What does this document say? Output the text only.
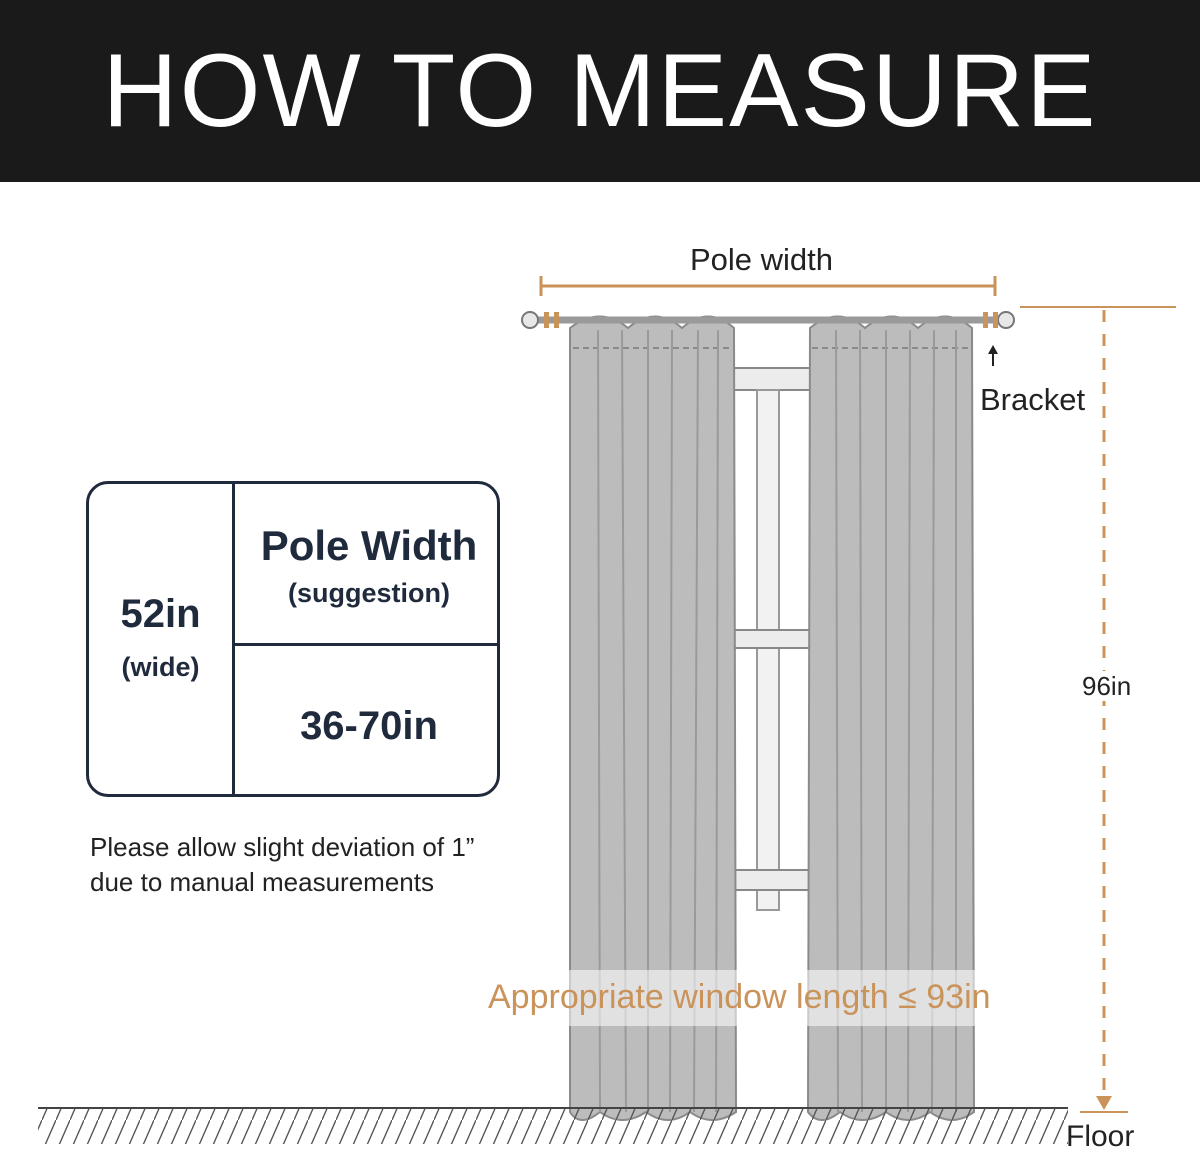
HOW TO MEASURE
Pole width
Bracket
96in
Floor
Appropriate window length ≤ 93in
52in
(wide)
Pole Width
(suggestion)
36-70in
Please allow slight deviation of 1”
due to manual measurements
